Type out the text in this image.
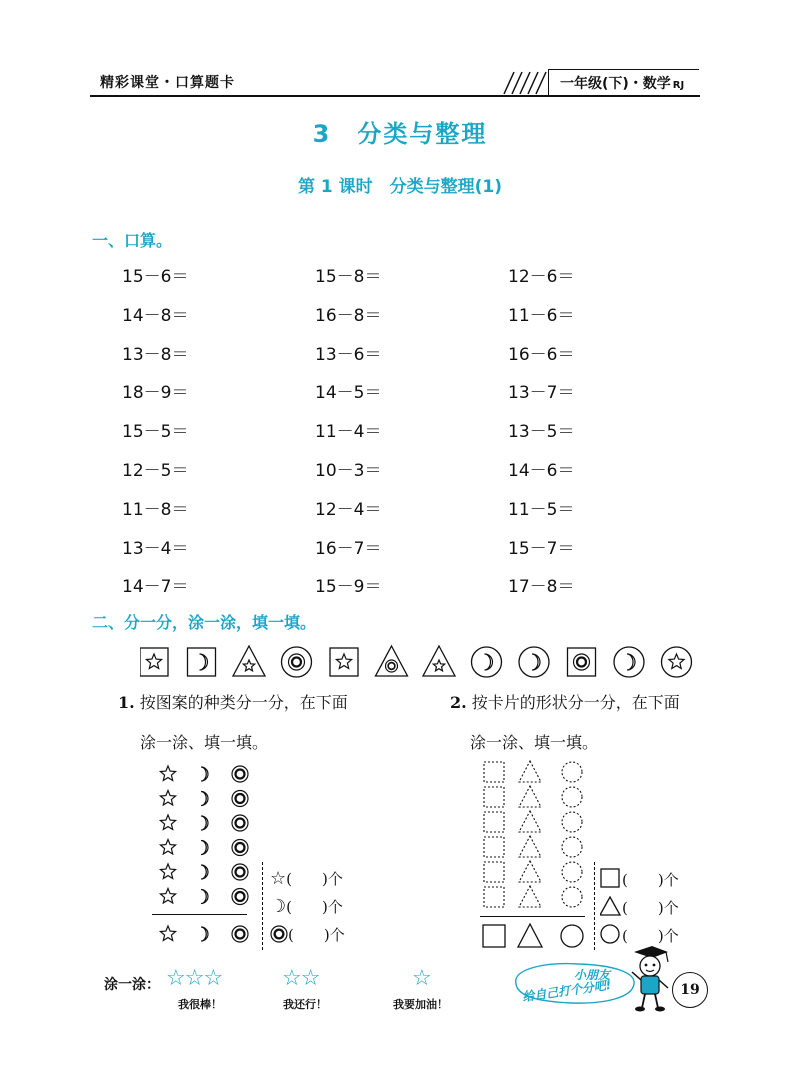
精彩课堂・口算题卡	一年级(下)・数学 RJ
3　分类与整理
第 1 课时　分类与整理(1)
一、口算。
15－6＝	15－8＝	12－6＝
14－8＝	16－8＝	11－6＝
13－8＝	13－6＝	16－6＝
18－9＝	14－5＝	13－7＝
15－5＝	11－4＝	13－5＝
12－5＝	10－3＝	14－6＝
11－8＝	12－4＝	11－5＝
13－4＝	16－7＝	15－7＝
14－7＝	15－9＝	17－8＝
二、分一分，涂一涂，填一填。
1. 按图案的种类分一分，在下面
涂一涂、填一填。
2. 按卡片的形状分一分，在下面
涂一涂、填一填。
☆(　　)个
☽(　　)个
(　　)个
(　　)个
(　　)个
(　　)个
涂一涂： ☆☆☆
我很棒！
☆☆
我还行！
☆
我要加油！
小朋友
给自己打个分吧!	19
